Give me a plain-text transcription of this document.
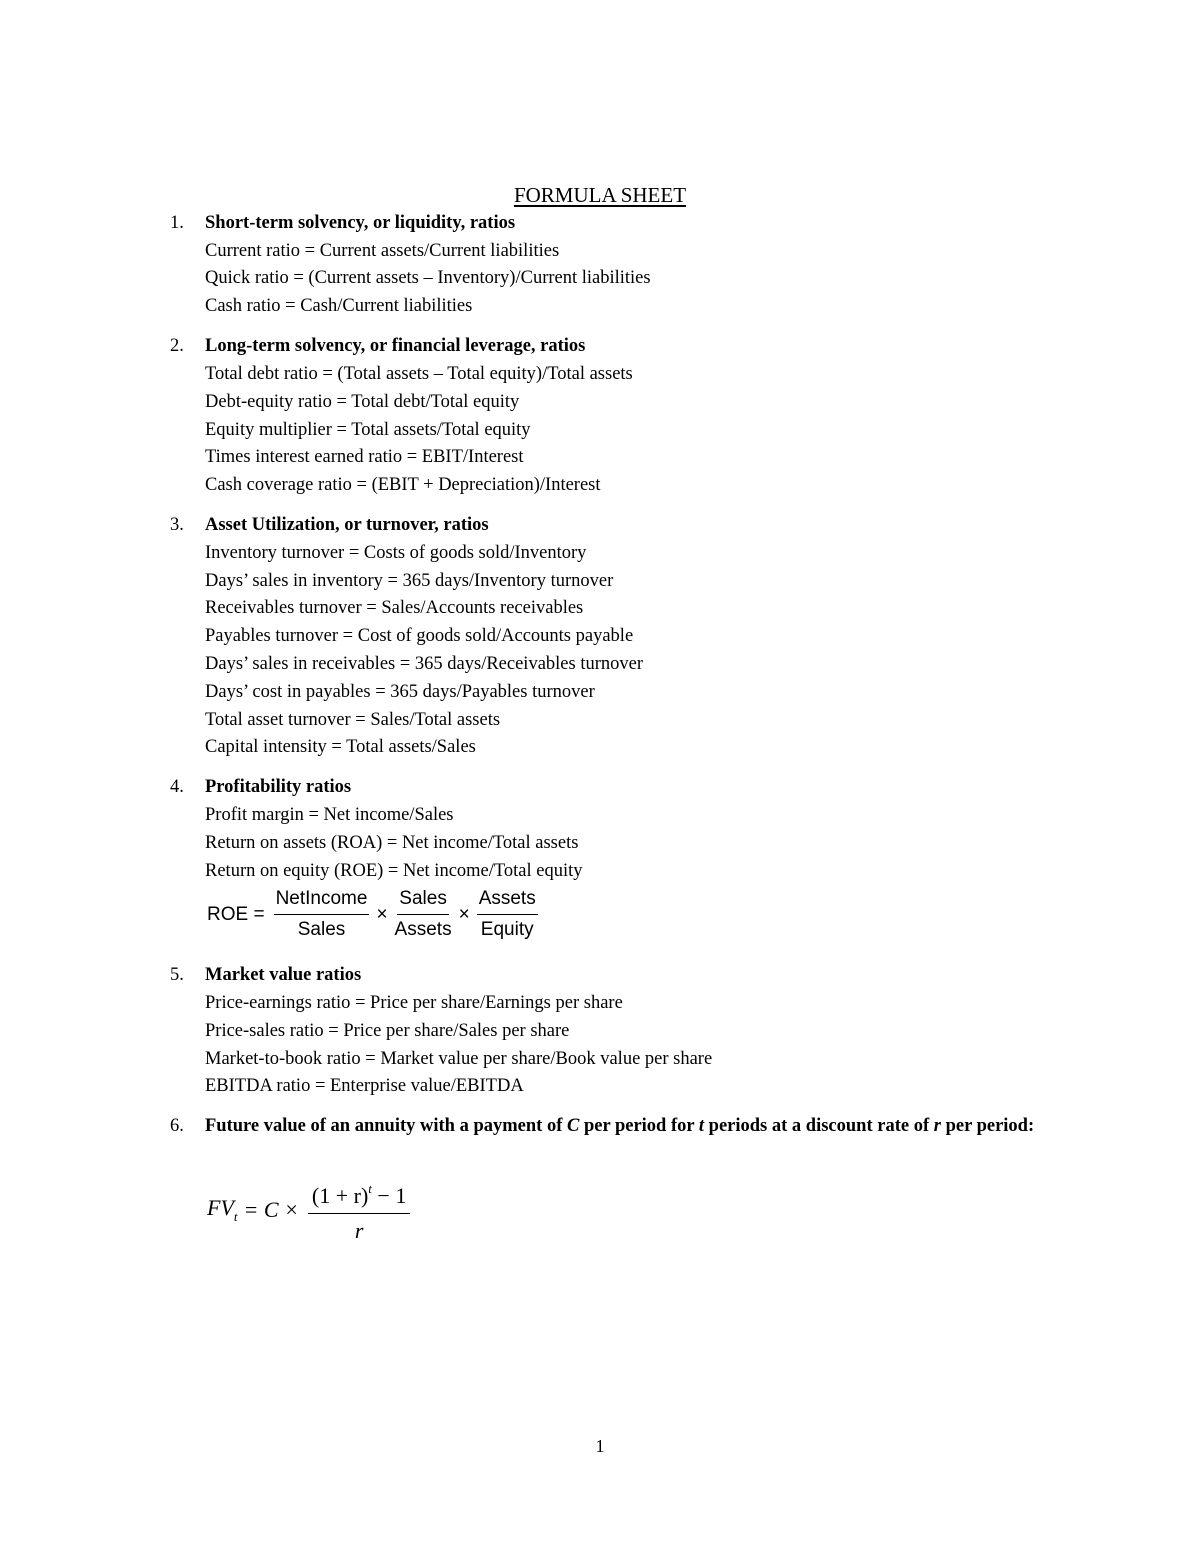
FORMULA SHEET
1. Short-term solvency, or liquidity, ratios
Current ratio = Current assets/Current liabilities
Quick ratio = (Current assets – Inventory)/Current liabilities
Cash ratio = Cash/Current liabilities
2. Long-term solvency, or financial leverage, ratios
Total debt ratio = (Total assets – Total equity)/Total assets
Debt-equity ratio = Total debt/Total equity
Equity multiplier = Total assets/Total equity
Times interest earned ratio = EBIT/Interest
Cash coverage ratio = (EBIT + Depreciation)/Interest
3. Asset Utilization, or turnover, ratios
Inventory turnover = Costs of goods sold/Inventory
Days’ sales in inventory = 365 days/Inventory turnover
Receivables turnover = Sales/Accounts receivables
Payables turnover = Cost of goods sold/Accounts payable
Days’ sales in receivables = 365 days/Receivables turnover
Days’ cost in payables = 365 days/Payables turnover
Total asset turnover = Sales/Total assets
Capital intensity = Total assets/Sales
4. Profitability ratios
Profit margin = Net income/Sales
Return on assets (ROA) = Net income/Total assets
Return on equity (ROE) = Net income/Total equity
ROE = $\frac{\text{NetIncome}}{\text{Sales}} \times \frac{\text{Sales}}{\text{Assets}} \times \frac{\text{Assets}}{\text{Equity}}$
5. Market value ratios
Price-earnings ratio = Price per share/Earnings per share
Price-sales ratio = Price per share/Sales per share
Market-to-book ratio = Market value per share/Book value per share
EBITDA ratio = Enterprise value/EBITDA
6. Future value of an annuity with a payment of C per period for t periods at a discount rate of r per period:
$FV_t = C \times \frac{(1 + r)^t - 1}{r}$
1
